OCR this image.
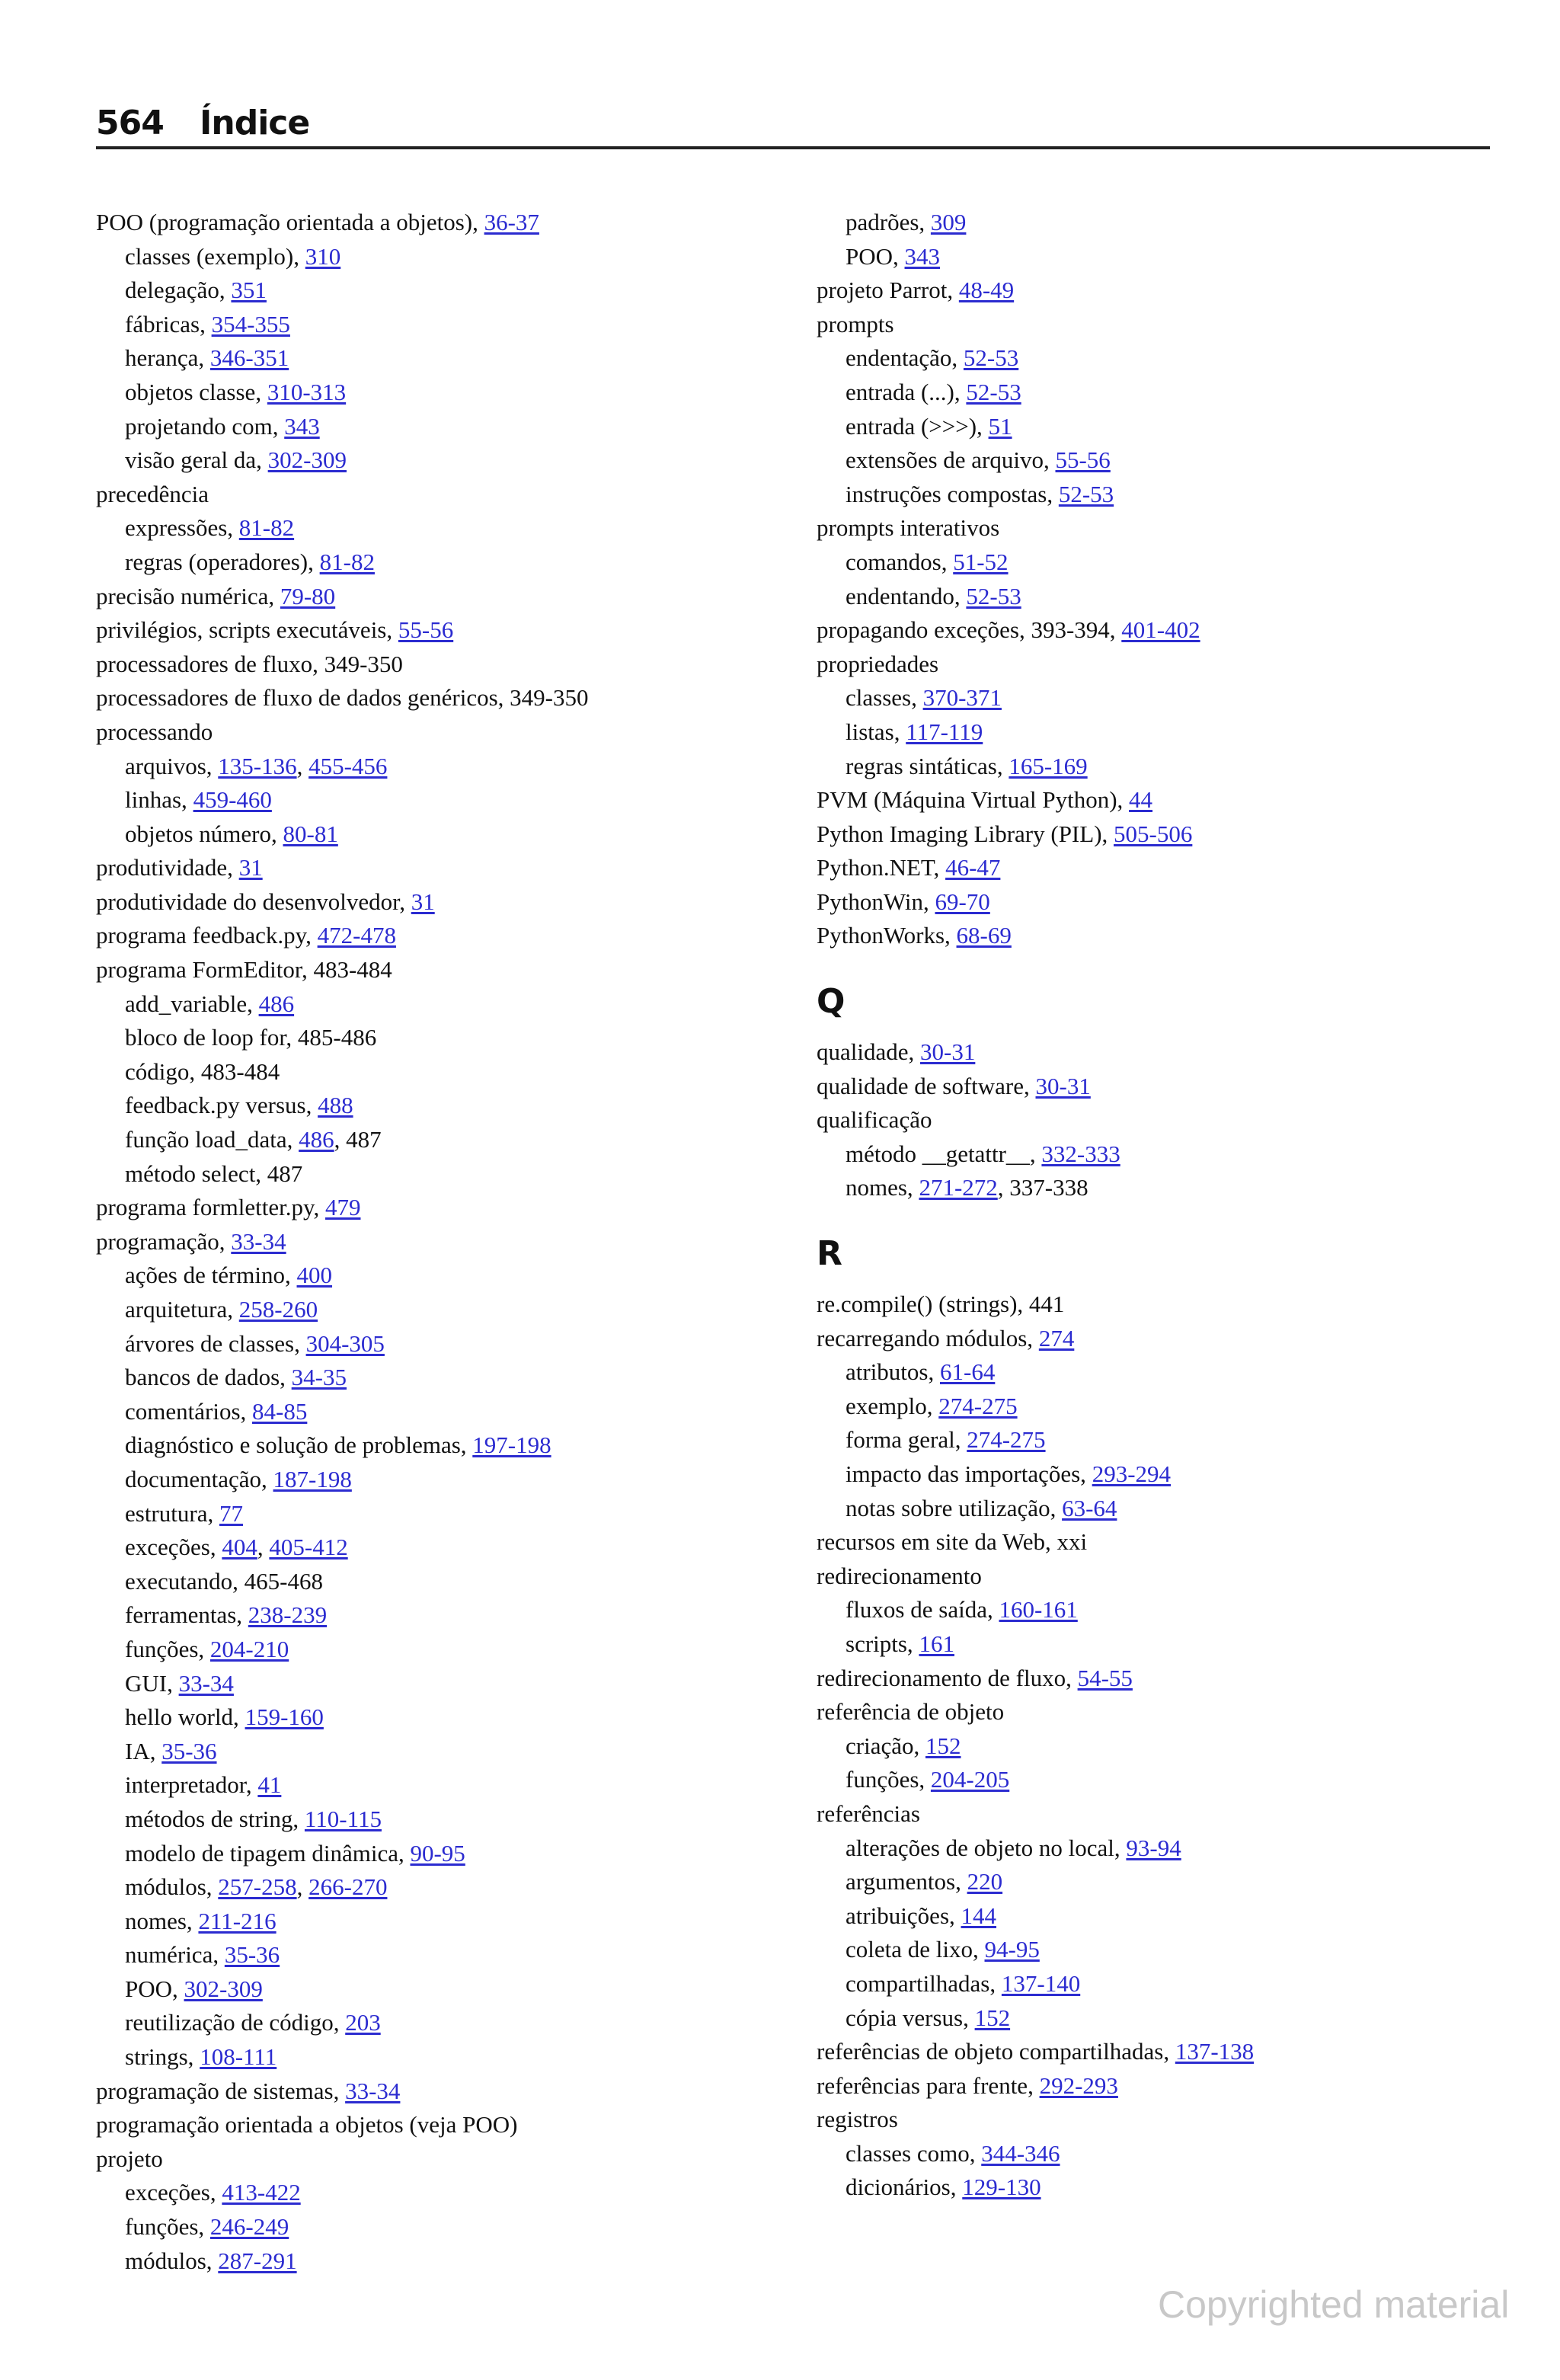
564 Índice
POO (programação orientada a objetos), 36-37
classes (exemplo), 310
delegação, 351
fábricas, 354-355
herança, 346-351
objetos classe, 310-313
projetando com, 343
visão geral da, 302-309
precedência
expressões, 81-82
regras (operadores), 81-82
precisão numérica, 79-80
privilégios, scripts executáveis, 55-56
processadores de fluxo, 349-350
processadores de fluxo de dados genéricos, 349-350
processando
arquivos, 135-136, 455-456
linhas, 459-460
objetos número, 80-81
produtividade, 31
produtividade do desenvolvedor, 31
programa feedback.py, 472-478
programa FormEditor, 483-484
add_variable, 486
bloco de loop for, 485-486
código, 483-484
feedback.py versus, 488
função load_data, 486, 487
método select, 487
programa formletter.py, 479
programação, 33-34
ações de término, 400
arquitetura, 258-260
árvores de classes, 304-305
bancos de dados, 34-35
comentários, 84-85
diagnóstico e solução de problemas, 197-198
documentação, 187-198
estrutura, 77
exceções, 404, 405-412
executando, 465-468
ferramentas, 238-239
funções, 204-210
GUI, 33-34
hello world, 159-160
IA, 35-36
interpretador, 41
métodos de string, 110-115
modelo de tipagem dinâmica, 90-95
módulos, 257-258, 266-270
nomes, 211-216
numérica, 35-36
POO, 302-309
reutilização de código, 203
strings, 108-111
programação de sistemas, 33-34
programação orientada a objetos (veja POO)
projeto
exceções, 413-422
funções, 246-249
módulos, 287-291
padrões, 309
POO, 343
projeto Parrot, 48-49
prompts
endentação, 52-53
entrada (...), 52-53
entrada (>>>), 51
extensões de arquivo, 55-56
instruções compostas, 52-53
prompts interativos
comandos, 51-52
endentando, 52-53
propagando exceções, 393-394, 401-402
propriedades
classes, 370-371
listas, 117-119
regras sintáticas, 165-169
PVM (Máquina Virtual Python), 44
Python Imaging Library (PIL), 505-506
Python.NET, 46-47
PythonWin, 69-70
PythonWorks, 68-69
Q
qualidade, 30-31
qualidade de software, 30-31
qualificação
método __getattr__, 332-333
nomes, 271-272, 337-338
R
re.compile() (strings), 441
recarregando módulos, 274
atributos, 61-64
exemplo, 274-275
forma geral, 274-275
impacto das importações, 293-294
notas sobre utilização, 63-64
recursos em site da Web, xxi
redirecionamento
fluxos de saída, 160-161
scripts, 161
redirecionamento de fluxo, 54-55
referência de objeto
criação, 152
funções, 204-205
referências
alterações de objeto no local, 93-94
argumentos, 220
atribuições, 144
coleta de lixo, 94-95
compartilhadas, 137-140
cópia versus, 152
referências de objeto compartilhadas, 137-138
referências para frente, 292-293
registros
classes como, 344-346
dicionários, 129-130
Copyrighted material
